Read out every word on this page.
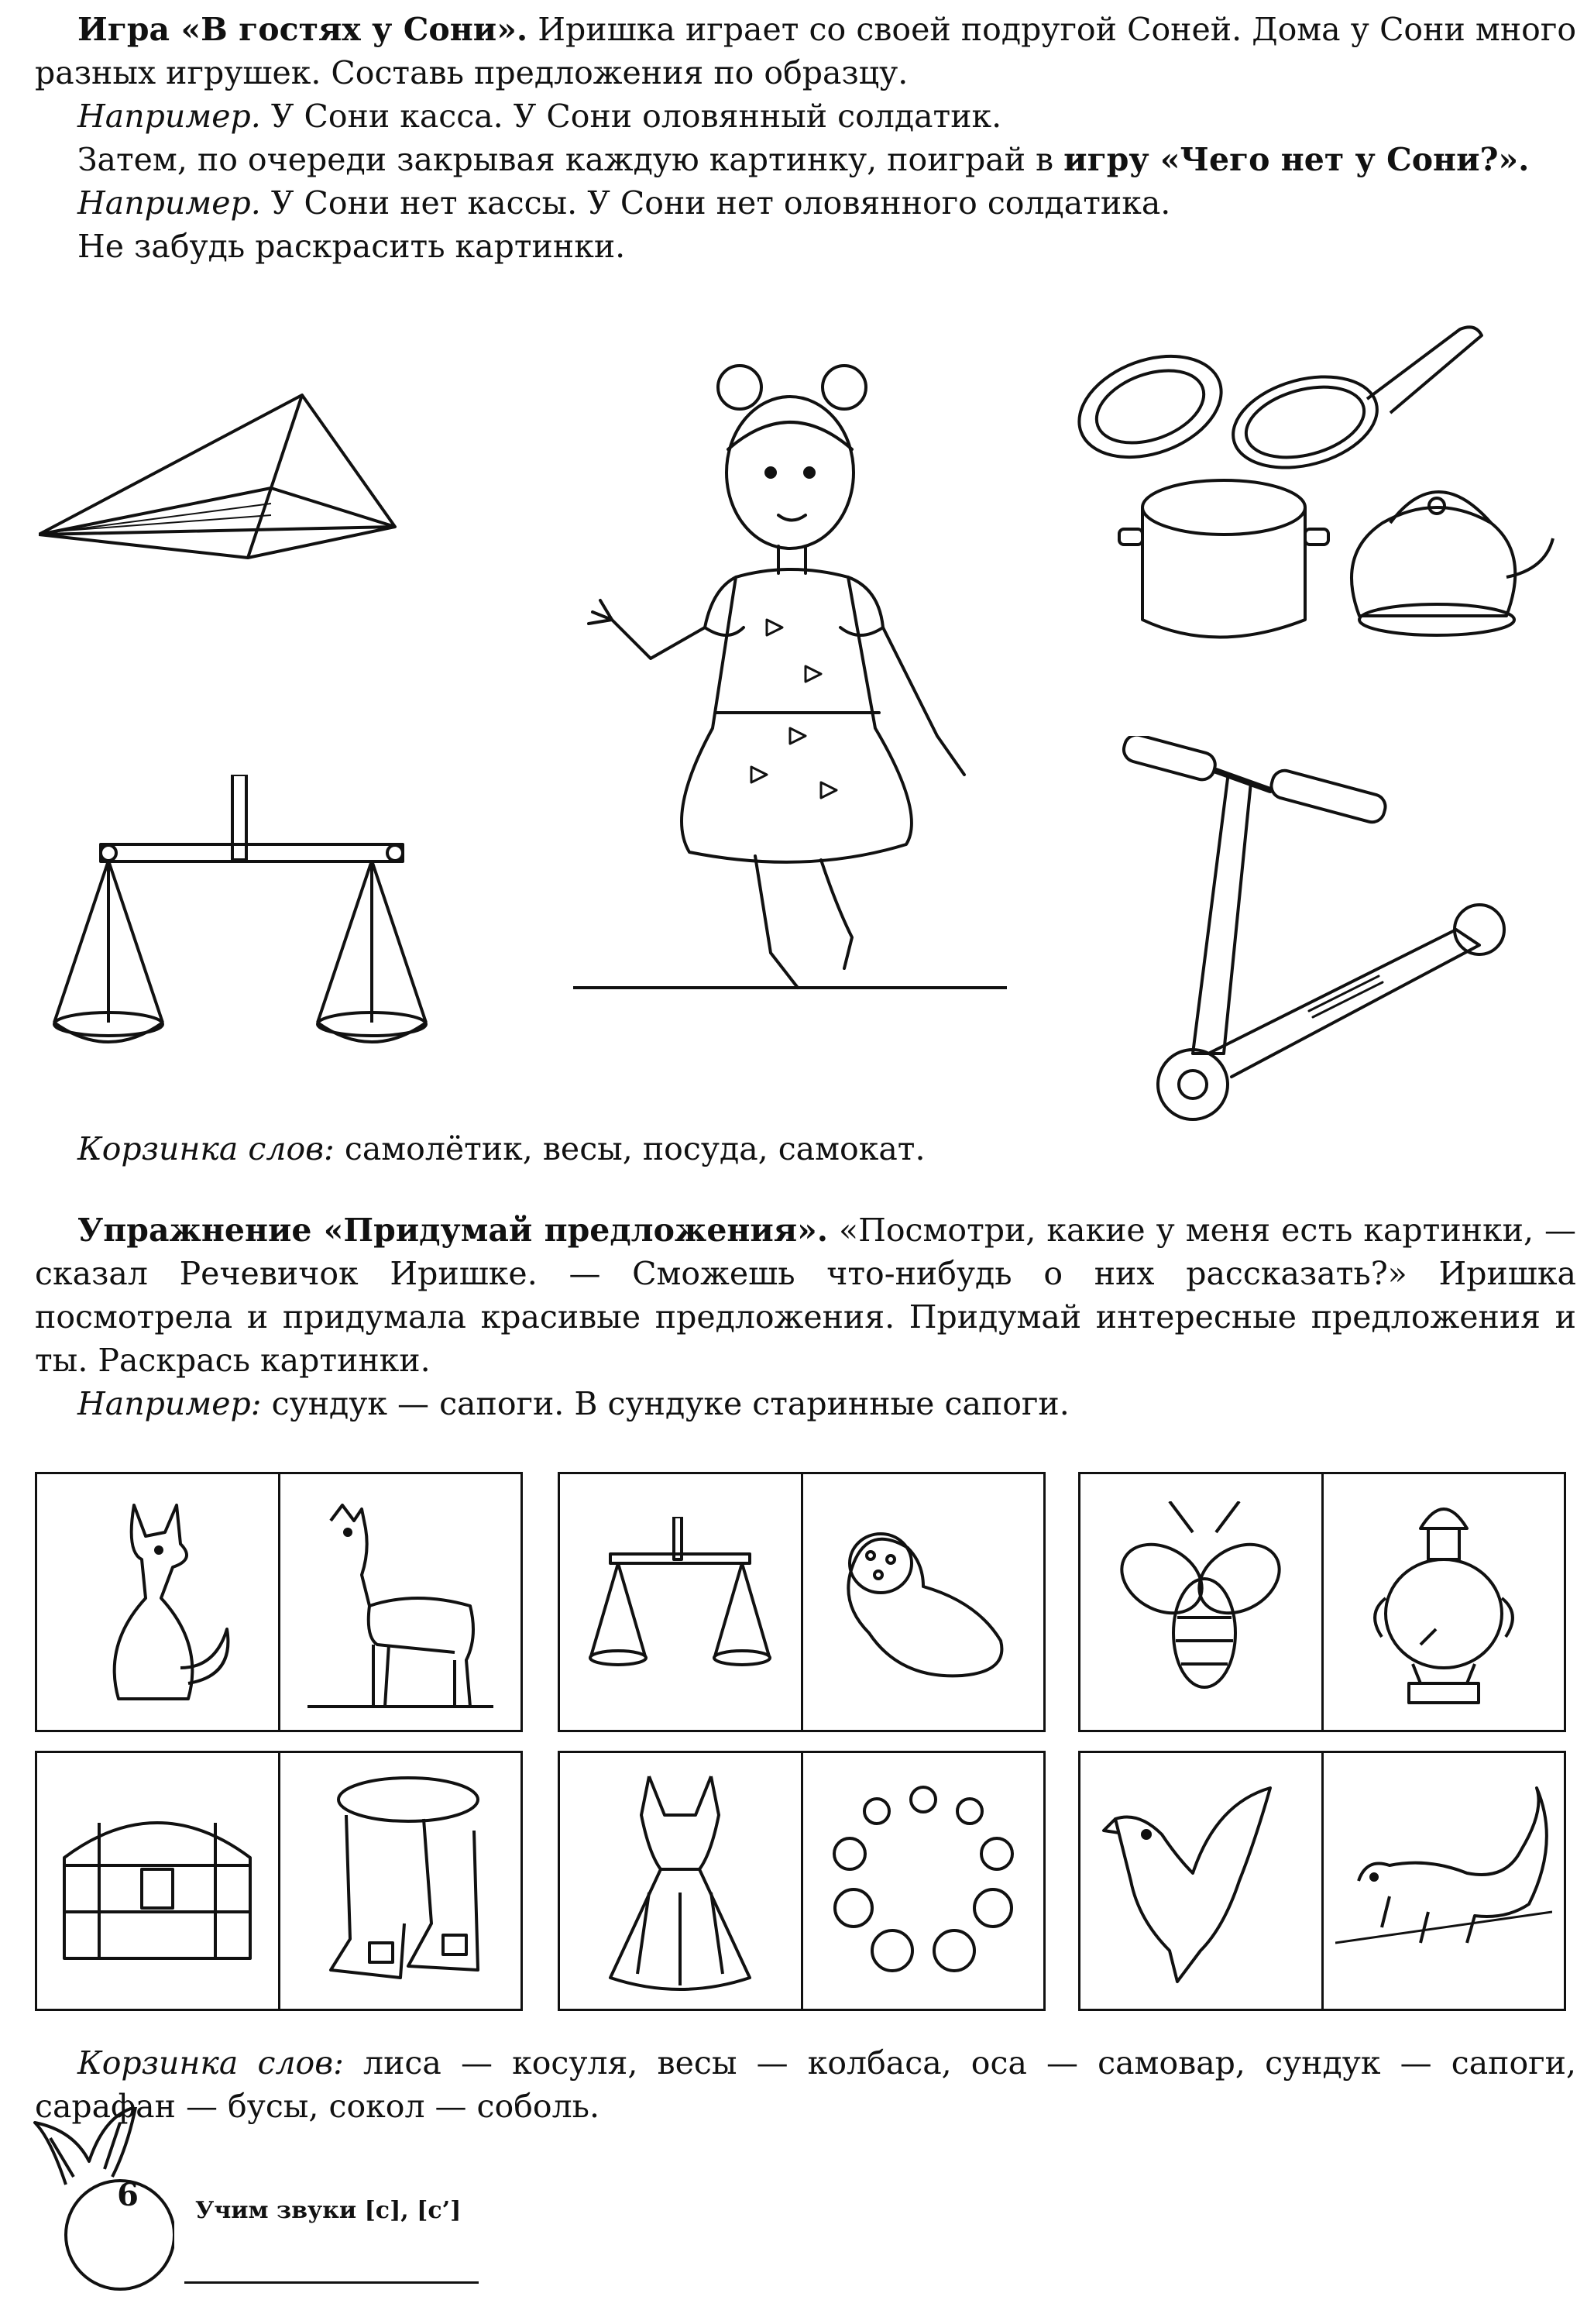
Игра «В гостях у Сони». Иришка играет со своей подругой Соней. Дома у Сони много разных игрушек. Составь предложения по образцу.

Например. У Сони касса. У Сони оловянный солдатик.

Затем, по очереди закрывая каждую картинку, поиграй в игру «Чего нет у Сони?».

Например. У Сони нет кассы. У Сони нет оловянного солдатика.

Не забудь раскрасить картинки.

Корзинка слов: самолётик, весы, посуда, самокат.

Упражнение «Придумай предложения». «Посмотри, какие у меня есть картинки, — сказал Речевичок Иришке. — Сможешь что-нибудь о них рассказать?» Иришка посмотрела и придумала красивые предложения. Придумай интересные предложения и ты. Раскрась картинки.

Например: сундук — сапоги. В сундуке старинные сапоги.

Корзинка слов: лиса — косуля, весы — колбаса, оса — самовар, сундук — сапоги, сарафан — бусы, сокол — соболь.

6	Учим звуки [с], [с’]
